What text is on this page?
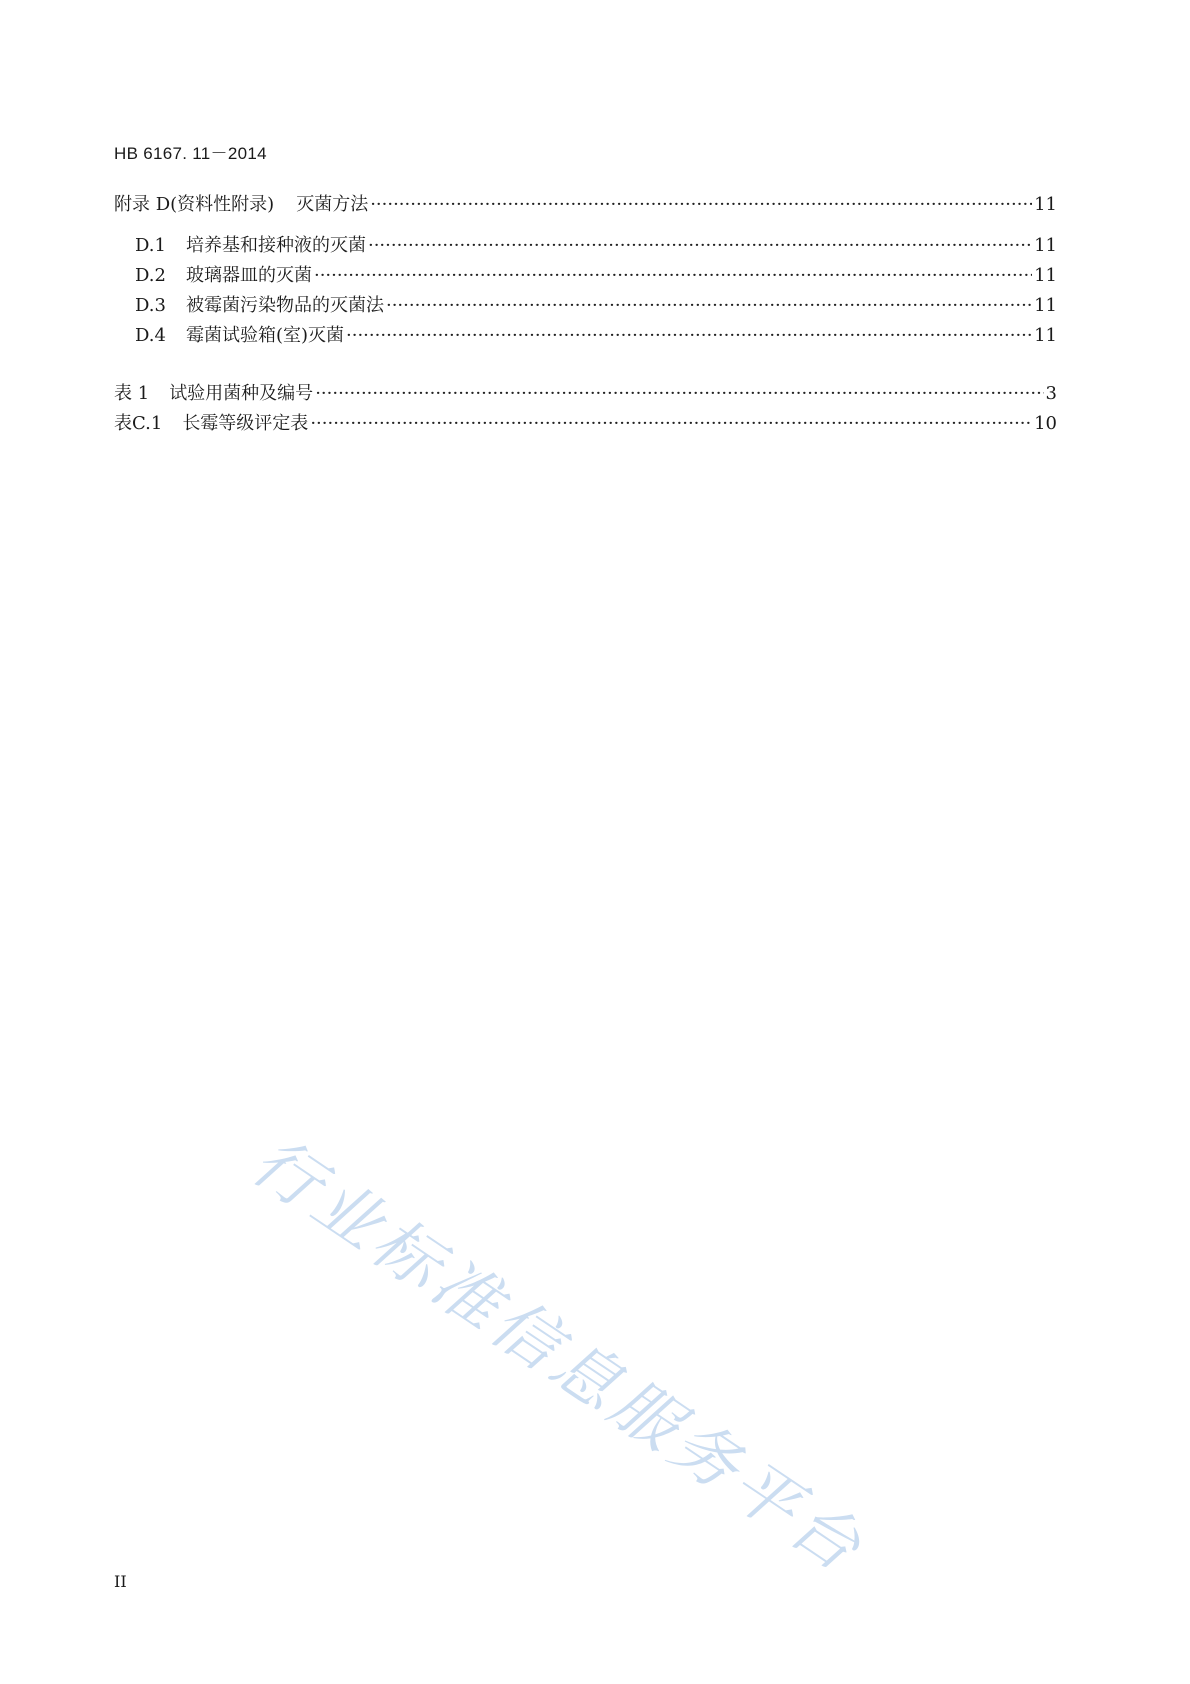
HB 6167. 11－2014
附录 D(资料性附录) 灭菌方法 ·····	11
D.1 培养基和接种液的灭菌 ·····	11
D.2 玻璃器皿的灭菌 ·····	11
D.3 被霉菌污染物品的灭菌法 ·····	11
D.4 霉菌试验箱(室)灭菌 ·····	11
表 1 试验用菌种及编号 ·····	3
表C.1 长霉等级评定表 ·····	10
行业标准信息服务平台
II
